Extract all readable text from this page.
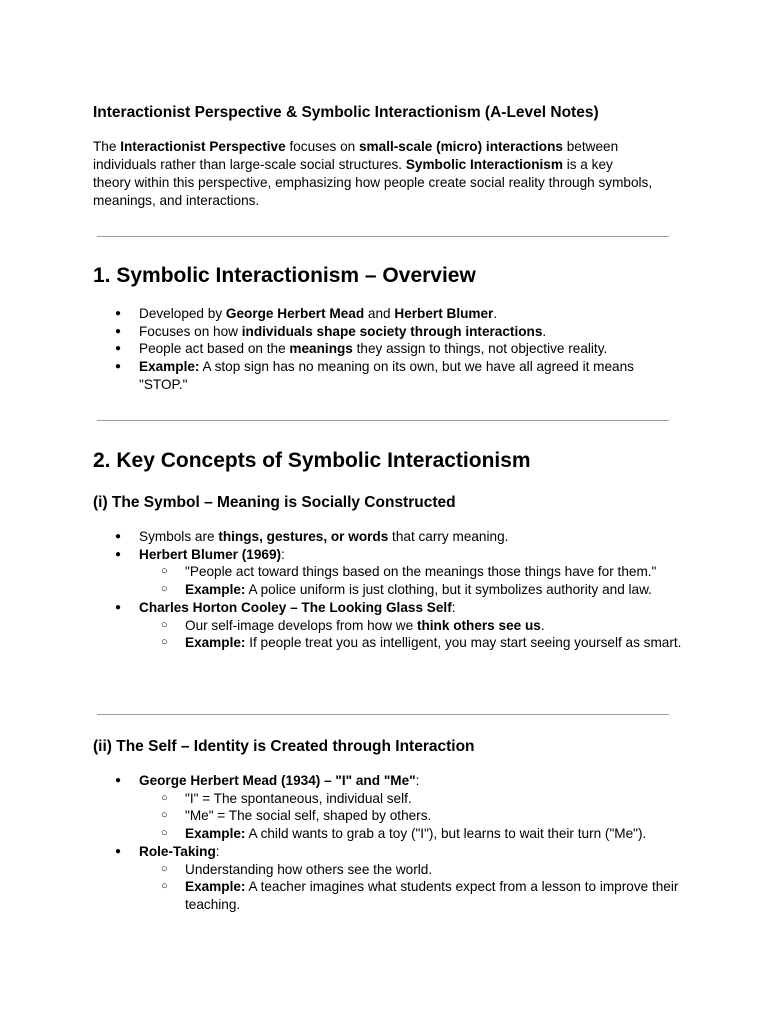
Interactionist Perspective & Symbolic Interactionism (A-Level Notes)

The Interactionist Perspective focuses on small-scale (micro) interactions between individuals rather than large-scale social structures. Symbolic Interactionism is a key theory within this perspective, emphasizing how people create social reality through symbols, meanings, and interactions.

1. Symbolic Interactionism – Overview
● Developed by George Herbert Mead and Herbert Blumer.
● Focuses on how individuals shape society through interactions.
● People act based on the meanings they assign to things, not objective reality.
● Example: A stop sign has no meaning on its own, but we have all agreed it means "STOP."
2. Key Concepts of Symbolic Interactionism
(i) The Symbol – Meaning is Socially Constructed
● Symbols are things, gestures, or words that carry meaning.
● Herbert Blumer (1969):
○ "People act toward things based on the meanings those things have for them."
○ Example: A police uniform is just clothing, but it symbolizes authority and law.
● Charles Horton Cooley – The Looking Glass Self:
○ Our self-image develops from how we think others see us.
○ Example: If people treat you as intelligent, you may start seeing yourself as smart.
(ii) The Self – Identity is Created through Interaction
● George Herbert Mead (1934) – "I" and "Me":
○ "I" = The spontaneous, individual self.
○ "Me" = The social self, shaped by others.
○ Example: A child wants to grab a toy ("I"), but learns to wait their turn ("Me").
● Role-Taking:
○ Understanding how others see the world.
○ Example: A teacher imagines what students expect from a lesson to improve their teaching.
